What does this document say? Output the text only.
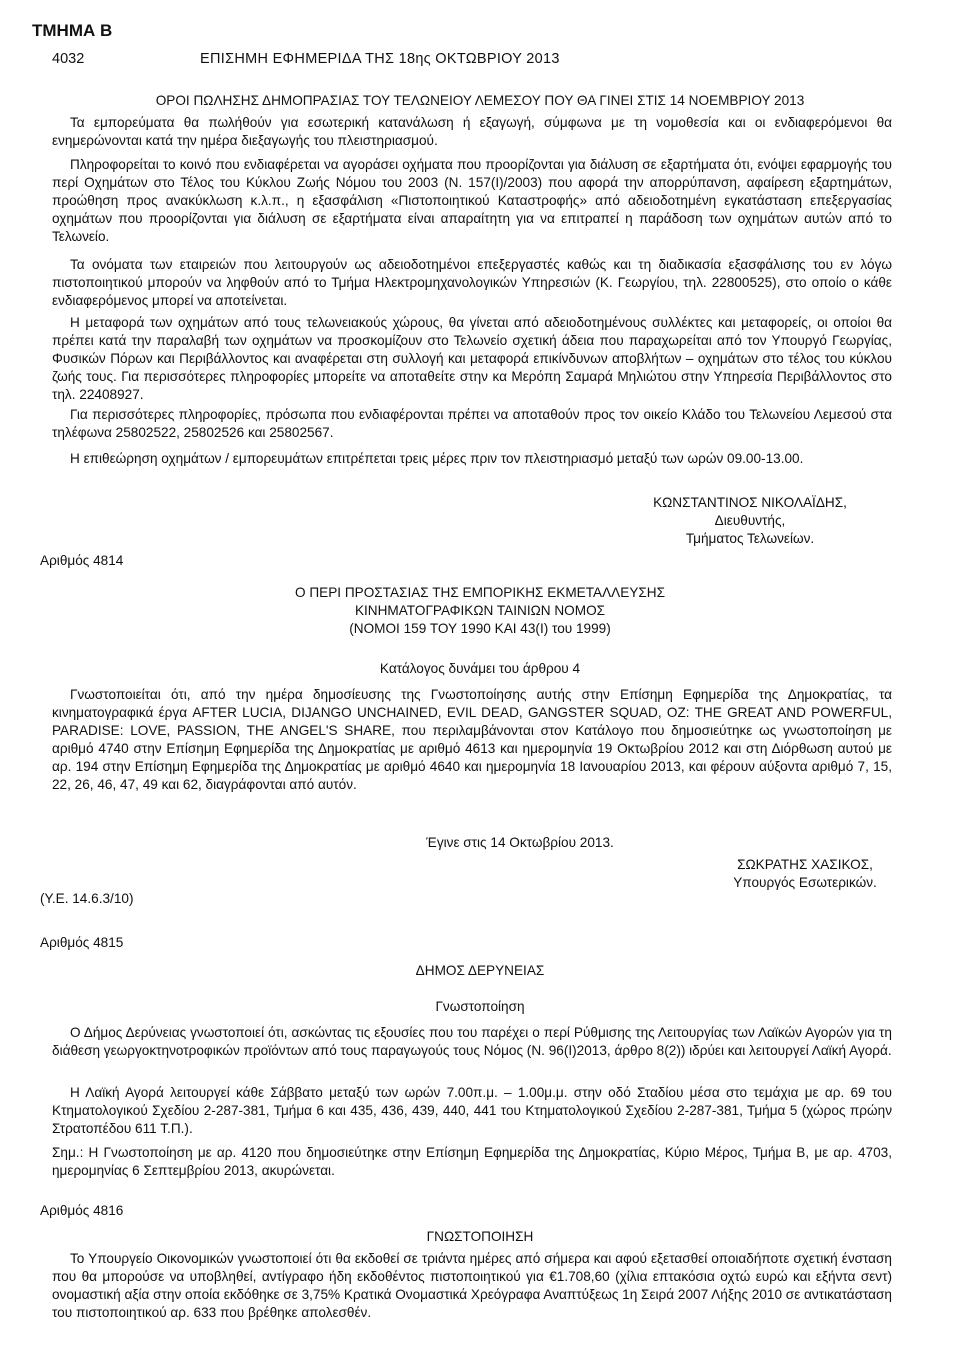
ΤΜΗΜΑ Β
4032	ΕΠΙΣΗΜΗ ΕΦΗΜΕΡΙΔΑ ΤΗΣ 18ης ΟΚΤΩΒΡΙΟΥ 2013

ΟΡΟΙ ΠΩΛΗΣΗΣ ΔΗΜΟΠΡΑΣΙΑΣ ΤΟΥ ΤΕΛΩΝΕΙΟΥ ΛΕΜΕΣΟΥ ΠΟΥ ΘΑ ΓΙΝΕΙ ΣΤΙΣ 14 ΝΟΕΜΒΡΙΟΥ 2013

Τα εμπορεύματα θα πωλήθούν για εσωτερική κατανάλωση ή εξαγωγή, σύμφωνα με τη νομοθεσία και οι ενδιαφερόμενοι θα ενημερώνονται κατά την ημέρα διεξαγωγής του πλειστηριασμού.

Πληροφορείται το κοινό που ενδιαφέρεται να αγοράσει οχήματα που προορίζονται για διάλυση σε εξαρτήματα ότι, ενόψει εφαρμογής του περί Οχημάτων στο Τέλος του Κύκλου Ζωής Νόμου του 2003 (Ν. 157(Ι)/2003) που αφορά την απορρύπανση, αφαίρεση εξαρτημάτων, προώθηση προς ανακύκλωση κ.λ.π., η εξασφάλιση «Πιστοποιητικού Καταστροφής» από αδειοδοτημένη εγκατάσταση επεξεργασίας οχημάτων που προορίζονται για διάλυση σε εξαρτήματα είναι απαραίτητη για να επιτραπεί η παράδοση των οχημάτων αυτών από το Τελωνείο.

Τα ονόματα των εταιρειών που λειτουργούν ως αδειοδοτημένοι επεξεργαστές καθώς και τη διαδικασία εξασφάλισης του εν λόγω πιστοποιητικού μπορούν να ληφθούν από το Τμήμα Ηλεκτρομηχανολογικών Υπηρεσιών (Κ. Γεωργίου, τηλ. 22800525), στο οποίο ο κάθε ενδιαφερόμενος μπορεί να αποτείνεται.

Η μεταφορά των οχημάτων από τους τελωνειακούς χώρους, θα γίνεται από αδειοδοτημένους συλλέκτες και μεταφορείς, οι οποίοι θα πρέπει κατά την παραλαβή των οχημάτων να προσκομίζουν στο Τελωνείο σχετική άδεια που παραχωρείται από τον Υπουργό Γεωργίας, Φυσικών Πόρων και Περιβάλλοντος και αναφέρεται στη συλλογή και μεταφορά επικίνδυνων αποβλήτων – οχημάτων στο τέλος του κύκλου ζωής τους. Για περισσότερες πληροφορίες μπορείτε να αποταθείτε στην κα Μερόπη Σαμαρά Μηλιώτου στην Υπηρεσία Περιβάλλοντος στο τηλ. 22408927.

Για περισσότερες πληροφορίες, πρόσωπα που ενδιαφέρονται πρέπει να αποταθούν προς τον οικείο Κλάδο του Τελωνείου Λεμεσού στα τηλέφωνα 25802522, 25802526 και 25802567.

Η επιθεώρηση οχημάτων / εμπορευμάτων επιτρέπεται τρεις μέρες πριν τον πλειστηριασμό μεταξύ των ωρών 09.00-13.00.

ΚΩΝΣΤΑΝΤΙΝΟΣ ΝΙΚΟΛΑΪΔΗΣ,
Διευθυντής,
Τμήματος Τελωνείων.
Αριθμός 4814

Ο ΠΕΡΙ ΠΡΟΣΤΑΣΙΑΣ ΤΗΣ ΕΜΠΟΡΙΚΗΣ ΕΚΜΕΤΑΛΛΕΥΣΗΣ

ΚΙΝΗΜΑΤΟΓΡΑΦΙΚΩΝ ΤΑΙΝΙΩΝ ΝΟΜΟΣ

(ΝΟΜΟΙ 159 ΤΟΥ 1990 ΚΑΙ 43(Ι) του 1999)

Κατάλογος δυνάμει του άρθρου 4

Γνωστοποιείται ότι, από την ημέρα δημοσίευσης της Γνωστοποίησης αυτής στην Επίσημη Εφημερίδα της Δημοκρατίας, τα κινηματογραφικά έργα AFTER LUCIA, DIJANGO UNCHAINED, EVIL DEAD, GANGSTER SQUAD, OZ: THE GREAT AND POWERFUL, PARADISE: LOVE, PASSION, THE ANGEL'S SHARE, που περιλαμβάνονται στον Κατάλογο που δημοσιεύτηκε ως γνωστοποίηση με αριθμό 4740 στην Επίσημη Εφημερίδα της Δημοκρατίας με αριθμό 4613 και ημερομηνία 19 Οκτωβρίου 2012 και στη Διόρθωση αυτού με αρ. 194 στην Επίσημη Εφημερίδα της Δημοκρατίας με αριθμό 4640 και ημερομηνία 18 Ιανουαρίου 2013, και φέρουν αύξοντα αριθμό 7, 15, 22, 26, 46, 47, 49 και 62, διαγράφονται από αυτόν.

Έγινε στις 14 Οκτωβρίου 2013.

(Υ.Ε. 14.6.3/10)
ΣΩΚΡΑΤΗΣ ΧΑΣΙΚΟΣ,
Υπουργός Εσωτερικών.
Αριθμός 4815

ΔΗΜΟΣ ΔΕΡΥΝΕΙΑΣ

Γνωστοποίηση

Ο Δήμος Δερύνειας γνωστοποιεί ότι, ασκώντας τις εξουσίες που του παρέχει ο περί Ρύθμισης της Λειτουργίας των Λαϊκών Αγορών για τη διάθεση γεωργοκτηνοτροφικών προϊόντων από τους παραγωγούς τους Νόμος (Ν. 96(Ι)2013, άρθρο 8(2)) ιδρύει και λειτουργεί Λαϊκή Αγορά.

Η Λαϊκή Αγορά λειτουργεί κάθε Σάββατο μεταξύ των ωρών 7.00π.μ. – 1.00μ.μ. στην οδό Σταδίου μέσα στο τεμάχια με αρ. 69 του Κτηματολογικού Σχεδίου 2-287-381, Τμήμα 6 και 435, 436, 439, 440, 441 του Κτηματολογικού Σχεδίου 2-287-381, Τμήμα 5 (χώρος πρώην Στρατοπέδου 611 Τ.Π.).

Σημ.: Η Γνωστοποίηση με αρ. 4120 που δημοσιεύτηκε στην Επίσημη Εφημερίδα της Δημοκρατίας, Κύριο Μέρος, Τμήμα Β, με αρ. 4703, ημερομηνίας 6 Σεπτεμβρίου 2013, ακυρώνεται.

Αριθμός 4816

ΓΝΩΣΤΟΠΟΙΗΣΗ

Το Υπουργείο Οικονομικών γνωστοποιεί ότι θα εκδοθεί σε τριάντα ημέρες από σήμερα και αφού εξετασθεί οποιαδήποτε σχετική ένσταση που θα μπορούσε να υποβληθεί, αντίγραφο ήδη εκδοθέντος πιστοποιητικού για €1.708,60 (χίλια επτακόσια οχτώ ευρώ και εξήντα σεντ) ονομαστική αξία στην οποία εκδόθηκε σε 3,75% Κρατικά Ονομαστικά Χρεόγραφα Αναπτύξεως 1η Σειρά 2007 Λήξης 2010 σε αντικατάσταση του πιστοποιητικού αρ. 633 που βρέθηκε απολεσθέν.
